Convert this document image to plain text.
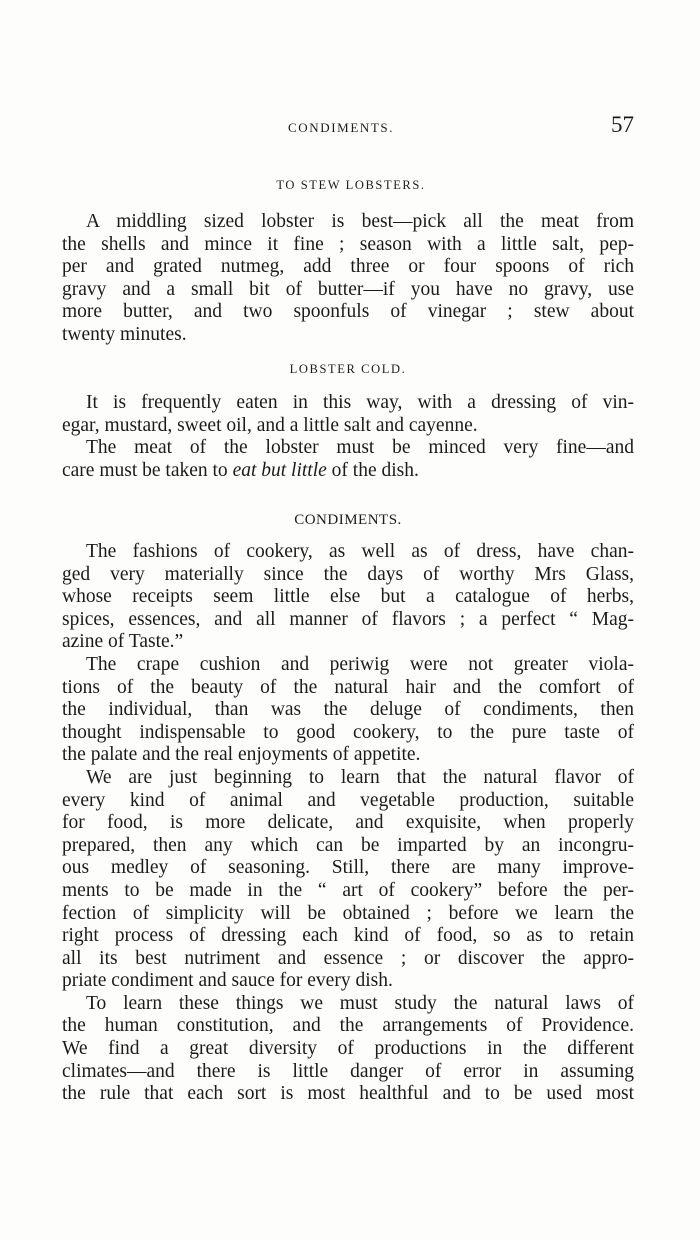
CONDIMENTS.	57
TO STEW LOBSTERS.
A middling sized lobster is best—pick all the meat from
the shells and mince it fine ; season with a little salt, pep-
per and grated nutmeg, add three or four spoons of rich
gravy and a small bit of butter—if you have no gravy, use
more butter, and two spoonfuls of vinegar ; stew about
twenty minutes.
LOBSTER COLD.
It is frequently eaten in this way, with a dressing of vin-
egar, mustard, sweet oil, and a little salt and cayenne.
The meat of the lobster must be minced very fine—and
care must be taken to eat but little of the dish.
CONDIMENTS.
The fashions of cookery, as well as of dress, have chan-
ged very materially since the days of worthy Mrs Glass,
whose receipts seem little else but a catalogue of herbs,
spices, essences, and all manner of flavors ; a perfect “ Mag-
azine of Taste.”
The crape cushion and periwig were not greater viola-
tions of the beauty of the natural hair and the comfort of
the individual, than was the deluge of condiments, then
thought indispensable to good cookery, to the pure taste of
the palate and the real enjoyments of appetite.
We are just beginning to learn that the natural flavor of
every kind of animal and vegetable production, suitable
for food, is more delicate, and exquisite, when properly
prepared, then any which can be imparted by an incongru-
ous medley of seasoning. Still, there are many improve-
ments to be made in the “ art of cookery” before the per-
fection of simplicity will be obtained ; before we learn the
right process of dressing each kind of food, so as to retain
all its best nutriment and essence ; or discover the appro-
priate condiment and sauce for every dish.
To learn these things we must study the natural laws of
the human constitution, and the arrangements of Providence.
We find a great diversity of productions in the different
climates—and there is little danger of error in assuming
the rule that each sort is most healthful and to be used most
